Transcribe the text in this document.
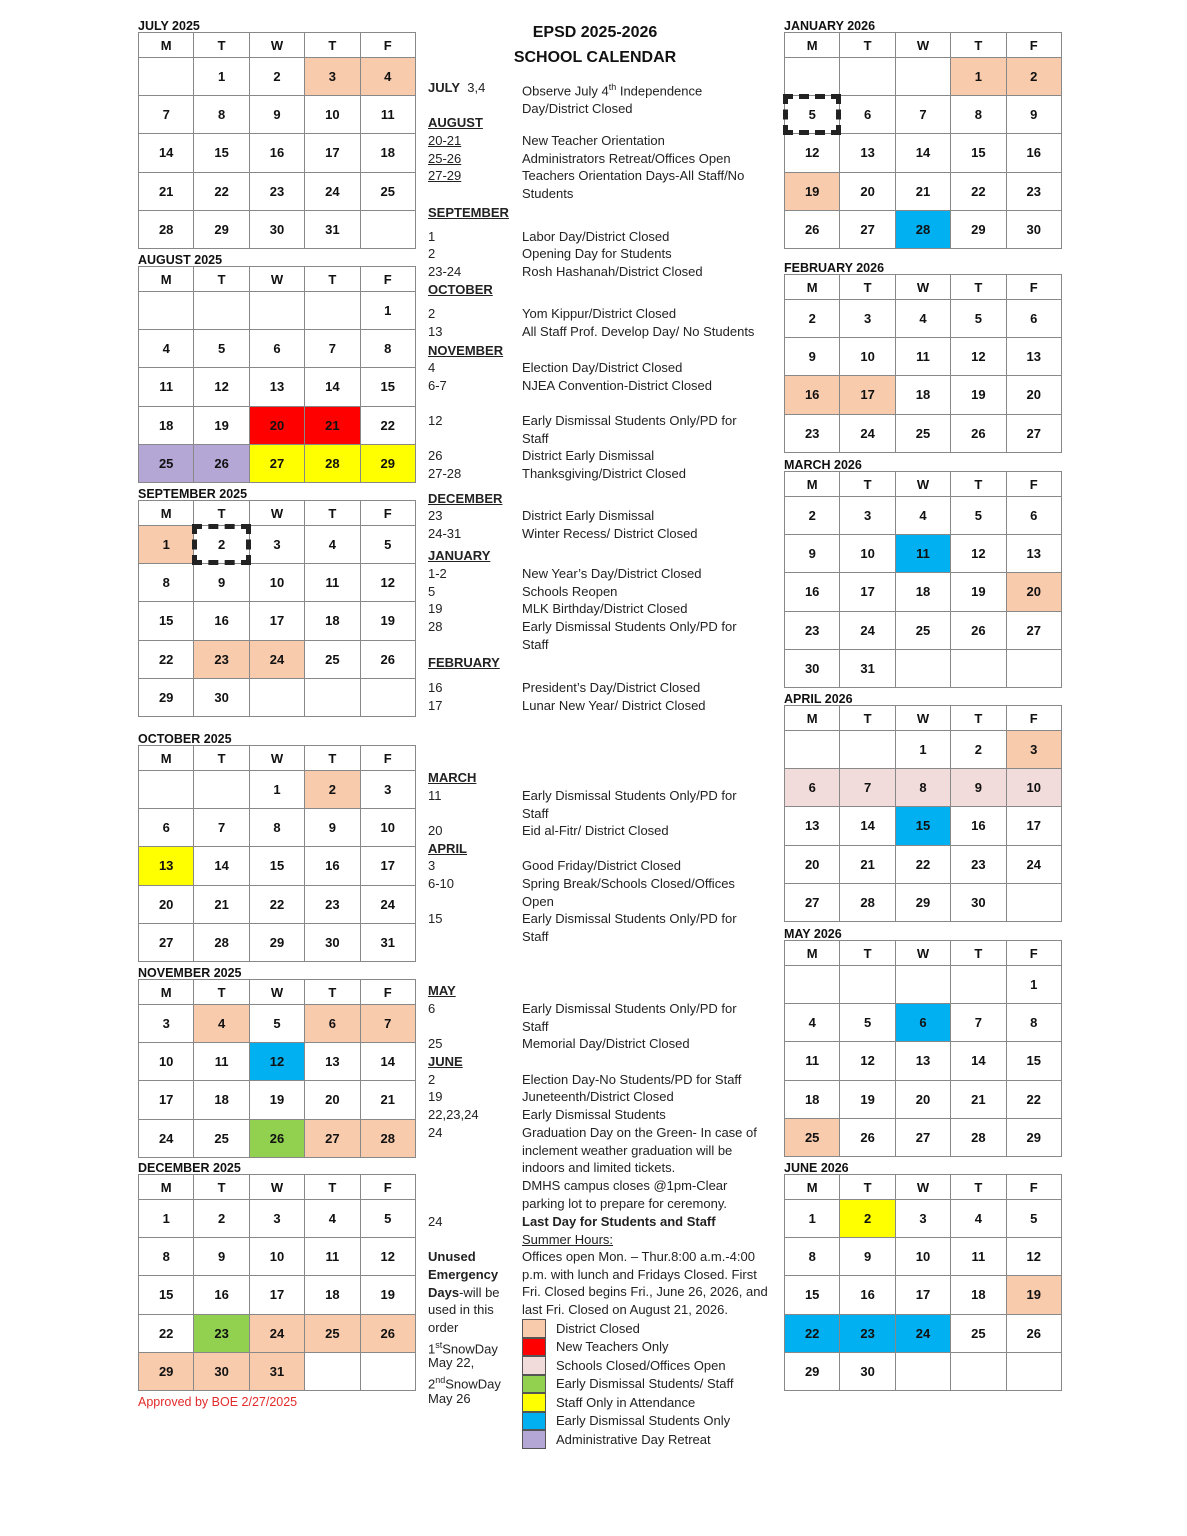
EPSD 2025-2026
SCHOOL CALENDAR
JULY 2025
M	T	W	T	F
	1	2	3	4
7	8	9	10	11
14	15	16	17	18
21	22	23	24	25
28	29	30	31	
AUGUST 2025
M	T	W	T	F
				1
4	5	6	7	8
11	12	13	14	15
18	19	20	21	22
25	26	27	28	29
SEPTEMBER 2025
M	T	W	T	F
1	2	3	4	5
8	9	10	11	12
15	16	17	18	19
22	23	24	25	26
29	30			
OCTOBER 2025
M	T	W	T	F
		1	2	3
6	7	8	9	10
13	14	15	16	17
20	21	22	23	24
27	28	29	30	31
NOVEMBER 2025
M	T	W	T	F
3	4	5	6	7
10	11	12	13	14
17	18	19	20	21
24	25	26	27	28
DECEMBER 2025
M	T	W	T	F
1	2	3	4	5
8	9	10	11	12
15	16	17	18	19
22	23	24	25	26
29	30	31		
JANUARY 2026
M	T	W	T	F
			1	2
5	6	7	8	9
12	13	14	15	16
19	20	21	22	23
26	27	28	29	30
FEBRUARY 2026
M	T	W	T	F
2	3	4	5	6
9	10	11	12	13
16	17	18	19	20
23	24	25	26	27
MARCH 2026
M	T	W	T	F
2	3	4	5	6
9	10	11	12	13
16	17	18	19	20
23	24	25	26	27
30	31			
APRIL 2026
M	T	W	T	F
		1	2	3
6	7	8	9	10
13	14	15	16	17
20	21	22	23	24
27	28	29	30	
MAY 2026
M	T	W	T	F
				1
4	5	6	7	8
11	12	13	14	15
18	19	20	21	22
25	26	27	28	29
JUNE 2026
M	T	W	T	F
1	2	3	4	5
8	9	10	11	12
15	16	17	18	19
22	23	24	25	26
29	30			
JULY 3,4	Observe July 4th Independence
Day/District Closed
AUGUST
20-21	New Teacher Orientation
25-26	Administrators Retreat/Offices Open
27-29	Teachers Orientation Days-All Staff/No Students
SEPTEMBER
1	Labor Day/District Closed
2	Opening Day for Students
23-24	Rosh Hashanah/District Closed
OCTOBER
2	Yom Kippur/District Closed
13	All Staff Prof. Develop Day/ No Students
NOVEMBER
4	Election Day/District Closed
6-7	NJEA Convention-District Closed
12	Early Dismissal Students Only/PD for Staff
26	District Early Dismissal
27-28	Thanksgiving/District Closed
DECEMBER
23	District Early Dismissal
24-31	Winter Recess/ District Closed
JANUARY
1-2	New Year’s Day/District Closed
5	Schools Reopen
19	MLK Birthday/District Closed
28	Early Dismissal Students Only/PD for Staff
FEBRUARY
16	President’s Day/District Closed
17	Lunar New Year/ District Closed
MARCH
11	Early Dismissal Students Only/PD for Staff
20	Eid al-Fitr/ District Closed
APRIL
3	Good Friday/District Closed
6-10	Spring Break/Schools Closed/Offices Open
15	Early Dismissal Students Only/PD for Staff
MAY
6	Early Dismissal Students Only/PD for Staff
25	Memorial Day/District Closed
JUNE
2	Election Day-No Students/PD for Staff
19	Juneteenth/District Closed
22,23,24	Early Dismissal Students
24	Graduation Day on the Green- In case of inclement weather graduation will be indoors and limited tickets.
DMHS campus closes @1pm-Clear parking lot to prepare for ceremony.
24	Last Day for Students and Staff
Summer Hours:
Offices open Mon. – Thur.8:00 a.m.-4:00 p.m. with lunch and Fridays Closed. First Fri. Closed begins Fri., June 26, 2026, and last Fri. Closed on August 21, 2026.
Unused
Emergency
Days-will be
used in this
order
1stSnowDay
May 22,
2ndSnowDay
May 26
District Closed
New Teachers Only
Schools Closed/Offices Open
Early Dismissal Students/ Staff
Staff Only in Attendance
Early Dismissal Students Only
Administrative Day Retreat
Approved by BOE 2/27/2025
